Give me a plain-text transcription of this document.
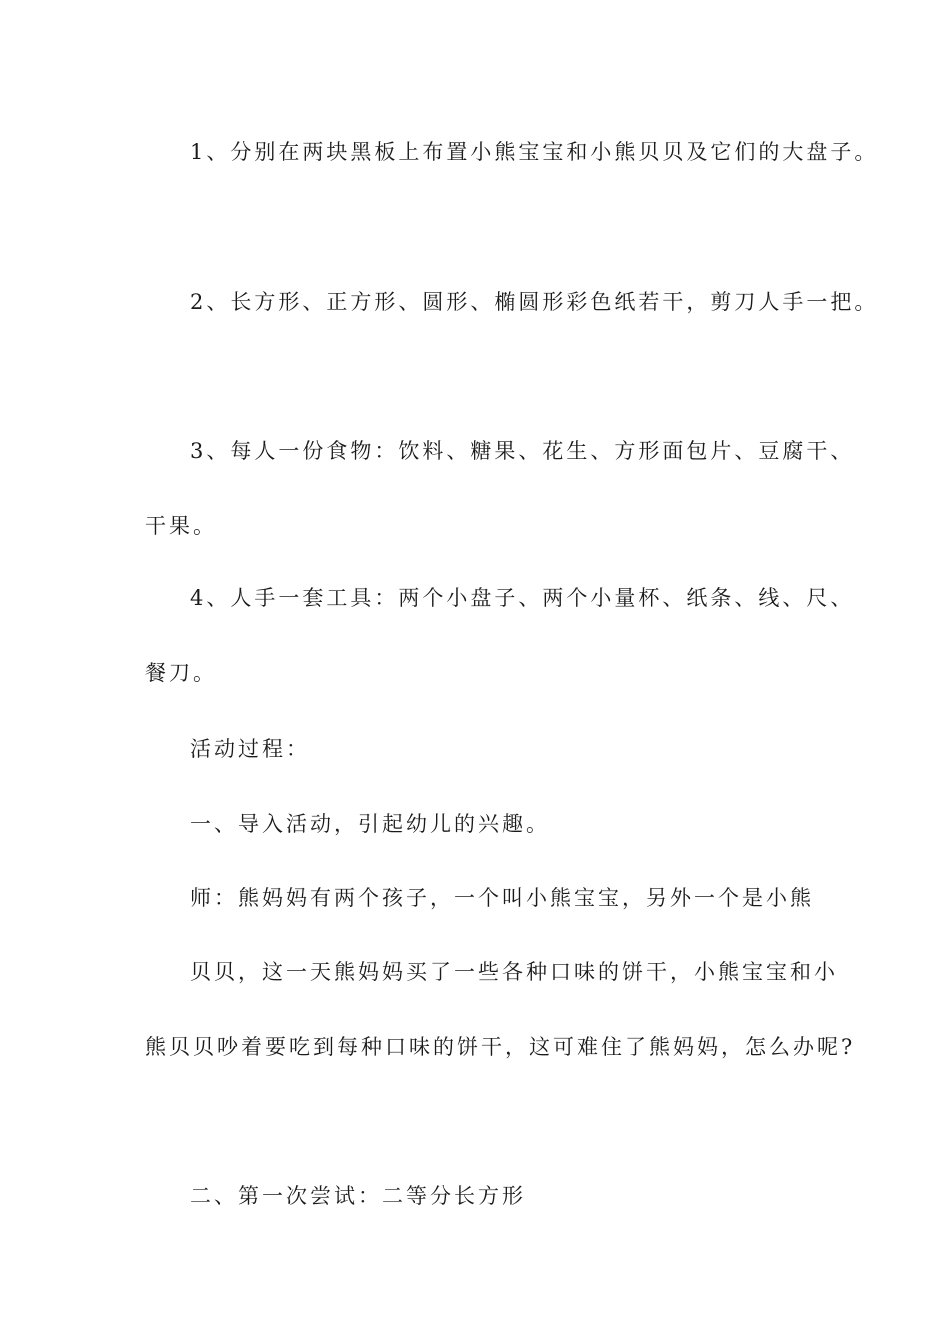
1、分别在两块黑板上布置小熊宝宝和小熊贝贝及它们的大盘子。
2、长方形、正方形、圆形、椭圆形彩色纸若干，剪刀人手一把。
3、每人一份食物：饮料、糖果、花生、方形面包片、豆腐干、
干果。
4、人手一套工具：两个小盘子、两个小量杯、纸条、线、尺、
餐刀。
活动过程：
一、导入活动，引起幼儿的兴趣。
师：熊妈妈有两个孩子，一个叫小熊宝宝，另外一个是小熊
贝贝，这一天熊妈妈买了一些各种口味的饼干，小熊宝宝和小
熊贝贝吵着要吃到每种口味的饼干，这可难住了熊妈妈，怎么办呢?
二、第一次尝试：二等分长方形
